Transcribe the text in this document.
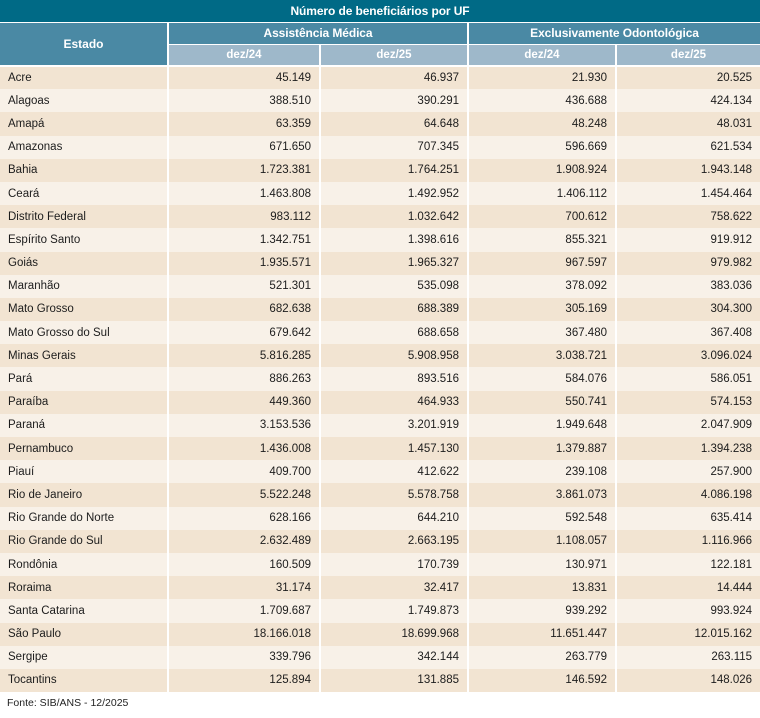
Número de beneficiários por UF				
Estado	Assistência Médica		Exclusivamente Odontológica	
	dez/24	dez/25	dez/24	dez/25
Acre	45.149	46.937	21.930	20.525
Alagoas	388.510	390.291	436.688	424.134
Amapá	63.359	64.648	48.248	48.031
Amazonas	671.650	707.345	596.669	621.534
Bahia	1.723.381	1.764.251	1.908.924	1.943.148
Ceará	1.463.808	1.492.952	1.406.112	1.454.464
Distrito Federal	983.112	1.032.642	700.612	758.622
Espírito Santo	1.342.751	1.398.616	855.321	919.912
Goiás	1.935.571	1.965.327	967.597	979.982
Maranhão	521.301	535.098	378.092	383.036
Mato Grosso	682.638	688.389	305.169	304.300
Mato Grosso do Sul	679.642	688.658	367.480	367.408
Minas Gerais	5.816.285	5.908.958	3.038.721	3.096.024
Pará	886.263	893.516	584.076	586.051
Paraíba	449.360	464.933	550.741	574.153
Paraná	3.153.536	3.201.919	1.949.648	2.047.909
Pernambuco	1.436.008	1.457.130	1.379.887	1.394.238
Piauí	409.700	412.622	239.108	257.900
Rio de Janeiro	5.522.248	5.578.758	3.861.073	4.086.198
Rio Grande do Norte	628.166	644.210	592.548	635.414
Rio Grande do Sul	2.632.489	2.663.195	1.108.057	1.116.966
Rondônia	160.509	170.739	130.971	122.181
Roraima	31.174	32.417	13.831	14.444
Santa Catarina	1.709.687	1.749.873	939.292	993.924
São Paulo	18.166.018	18.699.968	11.651.447	12.015.162
Sergipe	339.796	342.144	263.779	263.115
Tocantins	125.894	131.885	146.592	148.026
Fonte: SIB/ANS - 12/2025
